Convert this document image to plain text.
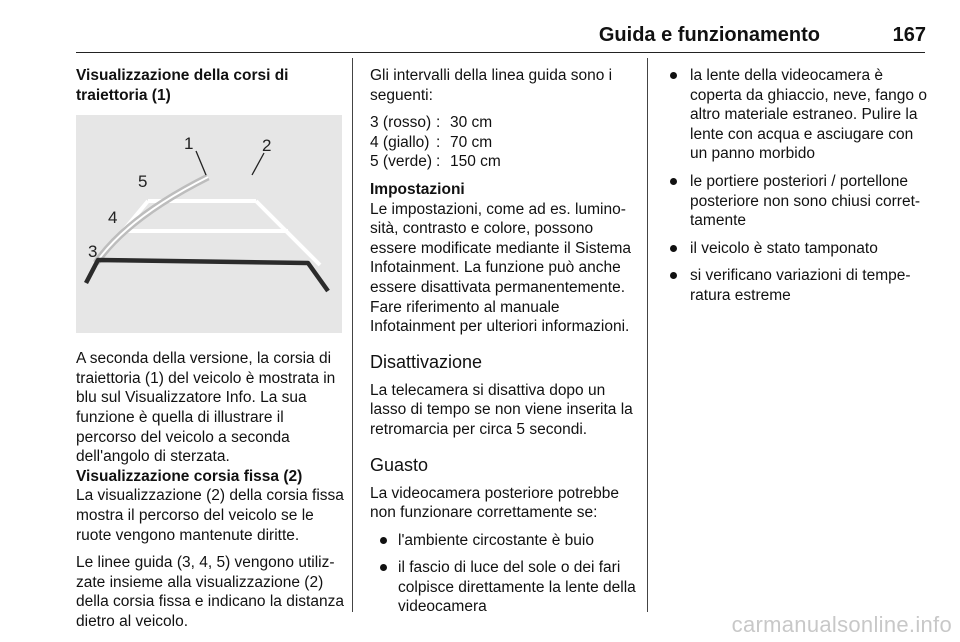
Guida e funzionamento	167

Visualizzazione della corsi di traiettoria (1)

1	2
3
4
5

A seconda della versione, la corsia di traiettoria (1) del veicolo è mostrata in blu sul Visualizzatore Info. La sua funzione è quella di illustrare il percorso del veicolo a seconda dell'angolo di sterzata.

Visualizzazione corsia fissa (2)

La visualizzazione (2) della corsia fissa mostra il percorso del veicolo se le ruote vengono mantenute diritte.

Le linee guida (3, 4, 5) vengono utilizzate insieme alla visualizzazione (2) della corsia fissa e indicano la distanza dietro al veicolo.

Gli intervalli della linea guida sono i seguenti:

3 (rosso)	:	30 cm
4 (giallo)	:	70 cm
5 (verde)	:	150 cm

Impostazioni

Le impostazioni, come ad es. luminosità, contrasto e colore, possono essere modificate mediante il Sistema Infotainment. La funzione può anche essere disattivata permanentemente. Fare riferimento al manuale Infotainment per ulteriori informazioni.

Disattivazione

La telecamera si disattiva dopo un lasso di tempo se non viene inserita la retromarcia per circa 5 secondi.

Guasto

La videocamera posteriore potrebbe non funzionare correttamente se:

l'ambiente circostante è buio
il fascio di luce del sole o dei fari colpisce direttamente la lente della videocamera
la lente della videocamera è coperta da ghiaccio, neve, fango o altro materiale estraneo. Pulire la lente con acqua e asciugare con un panno morbido
le portiere posteriori / portellone posteriore non sono chiusi correttamente
il veicolo è stato tamponato
si verificano variazioni di temperatura estreme
carmanualsonline.info
